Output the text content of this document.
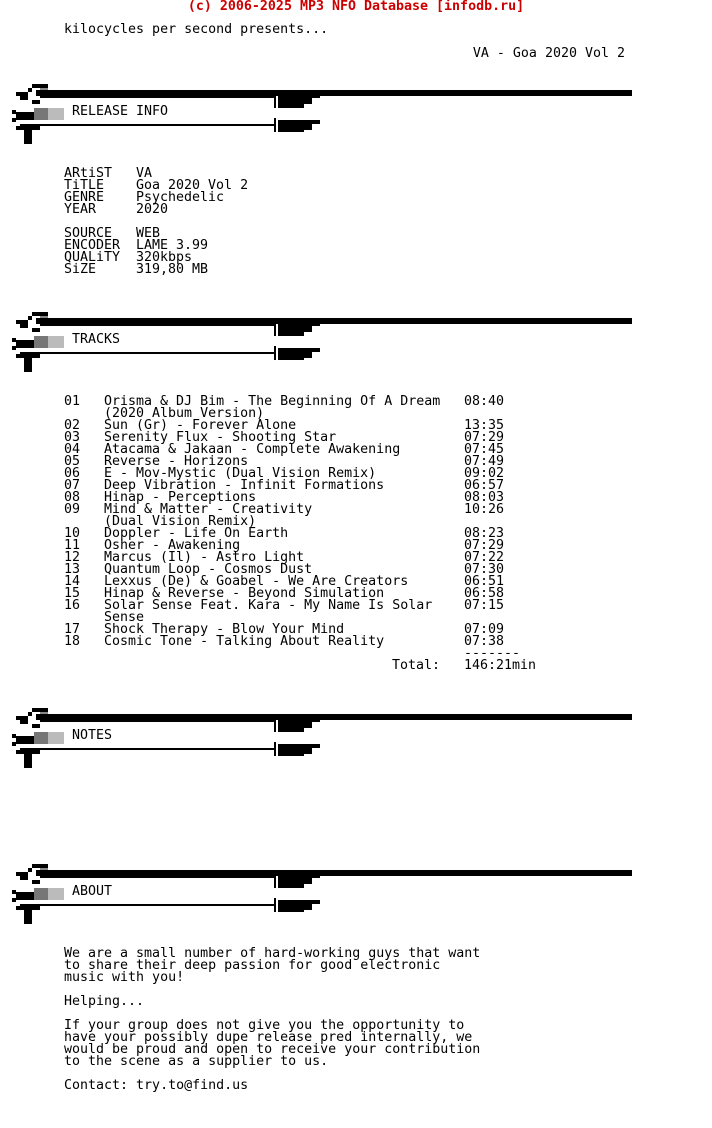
(c) 2006-2025 MP3 NFO Database [infodb.ru]
kilocycles per second presents...
VA - Goa 2020 Vol 2
RELEASE INFO
TRACKS
NOTES
ABOUT
ARtiST VA
TiTLE Goa 2020 Vol 2
GENRE Psychedelic
YEAR	2020
SOURCE WEB
ENCODER LAME 3.99
QUALiTY 320kbps
SiZE	319,80 MB
01 Orisma & DJ Bim - The Beginning Of A Dream
(2020 Album Version)
08:40
02 Sun (Gr) - Forever Alone	13:35
03 Serenity Flux - Shooting Star	07:29
04 Atacama & Jakaan - Complete Awakening	07:45
05 Reverse - Horizons	07:49
06 E - Mov-Mystic (Dual Vision Remix)	09:02
07 Deep Vibration - Infinit Formations	06:57
08 Hinap - Perceptions	08:03
09 Mind & Matter - Creativity
(Dual Vision Remix)
10:26
10 Doppler - Life On Earth	08:23
11 Osher - Awakening	07:29
12 Marcus (Il) - Astro Light	07:22
13 Quantum Loop - Cosmos Dust	07:30
14 Lexxus (De) & Goabel - We Are Creators	06:51
15 Hinap & Reverse - Beyond Simulation	06:58
16 Solar Sense Feat. Kara - My Name Is Solar
Sense
07:15
17 Shock Therapy - Blow Your Mind	07:09
18 Cosmic Tone - Talking About Reality	07:38
-------
Total: 146:21min
We are a small number of hard-working guys that want
to share their deep passion for good electronic
music with you!
Helping...
If your group does not give you the opportunity to
have your possibly dupe release pred internally, we
would be proud and open to receive your contribution
to the scene as a supplier to us.
Contact: try.to@find.us
